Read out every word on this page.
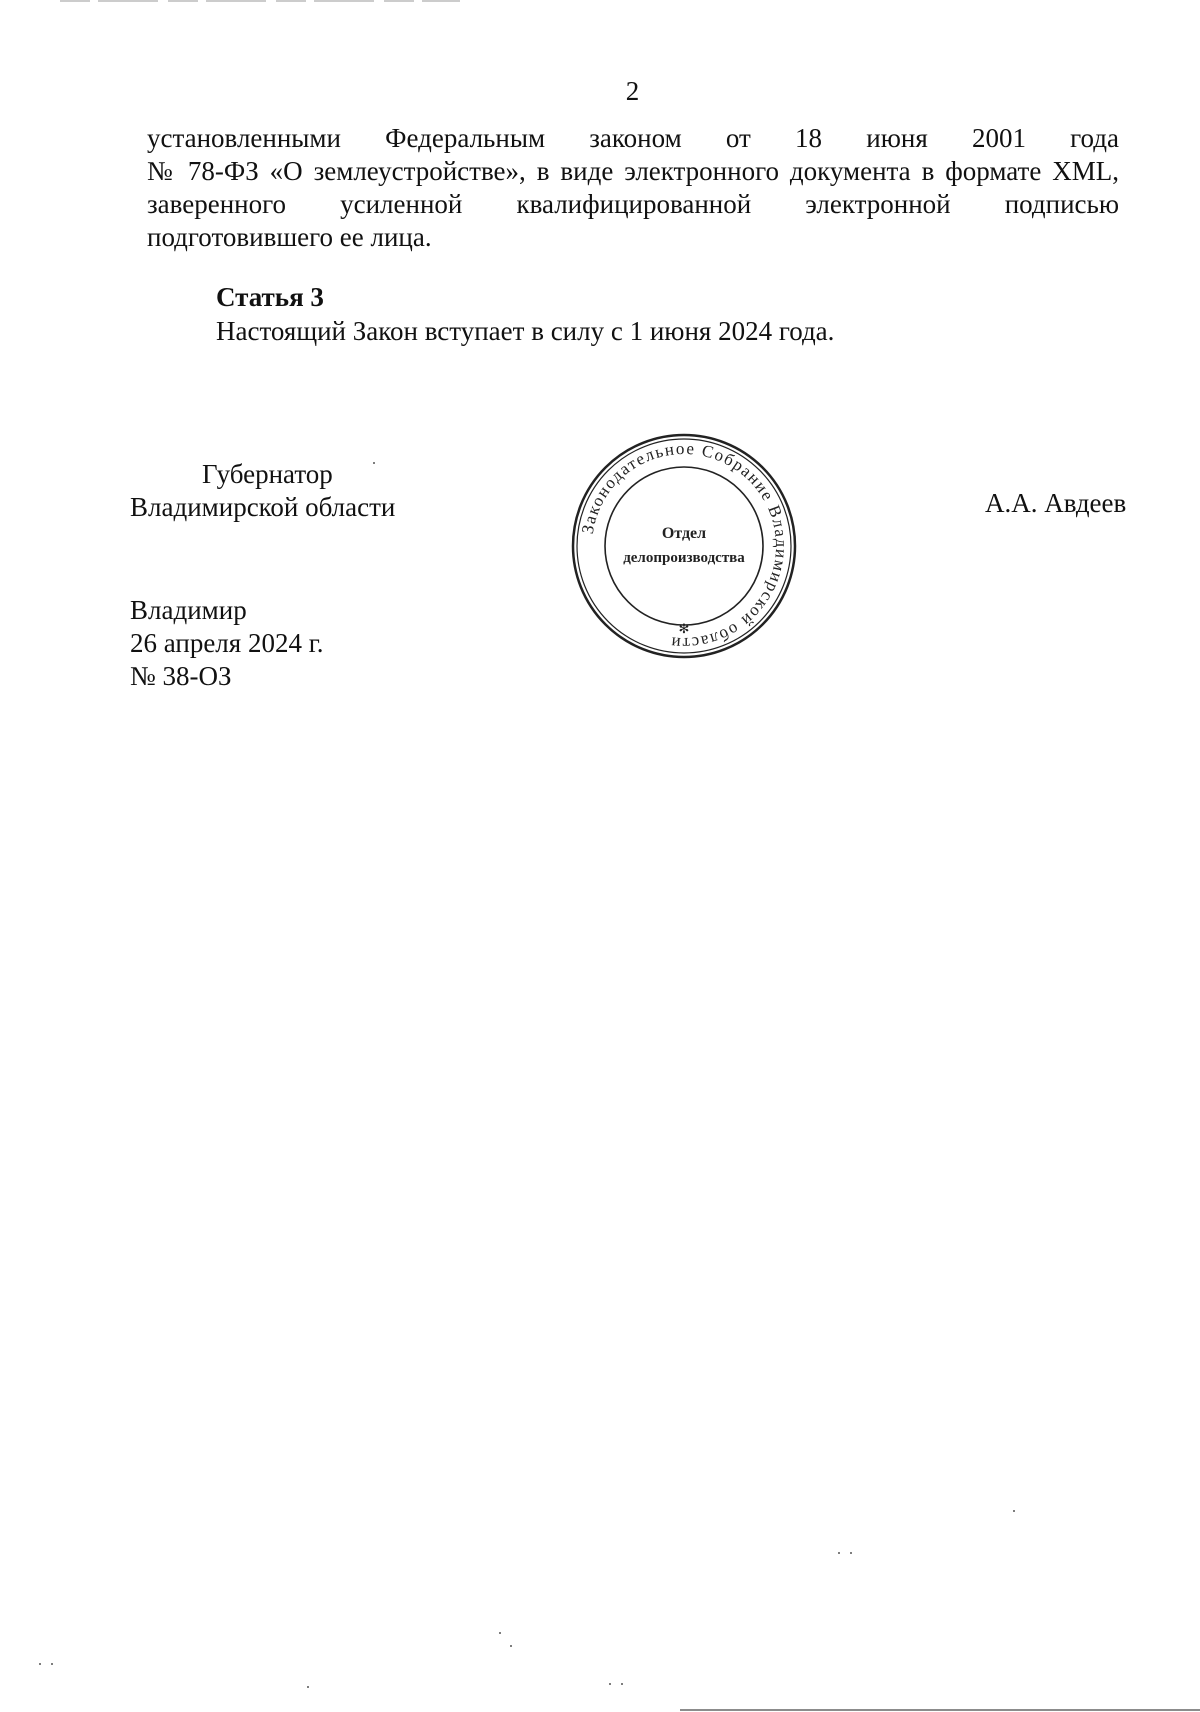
2
установленными Федеральным законом от 18 июня 2001 года
№ 78-ФЗ «О землеустройстве», в виде электронного документа в формате XML,
заверенного усиленной квалифицированной электронной подписью
подготовившего ее лица.
Статья 3
Настоящий Закон вступает в силу с 1 июня 2024 года.
Губернатор
Владимирской области	А.А. Авдеев
Владимир
26 апреля 2024 г.
№ 38-ОЗ
Законодательное Собрание Владимирской области
✻
Отдел
делопроизводства
